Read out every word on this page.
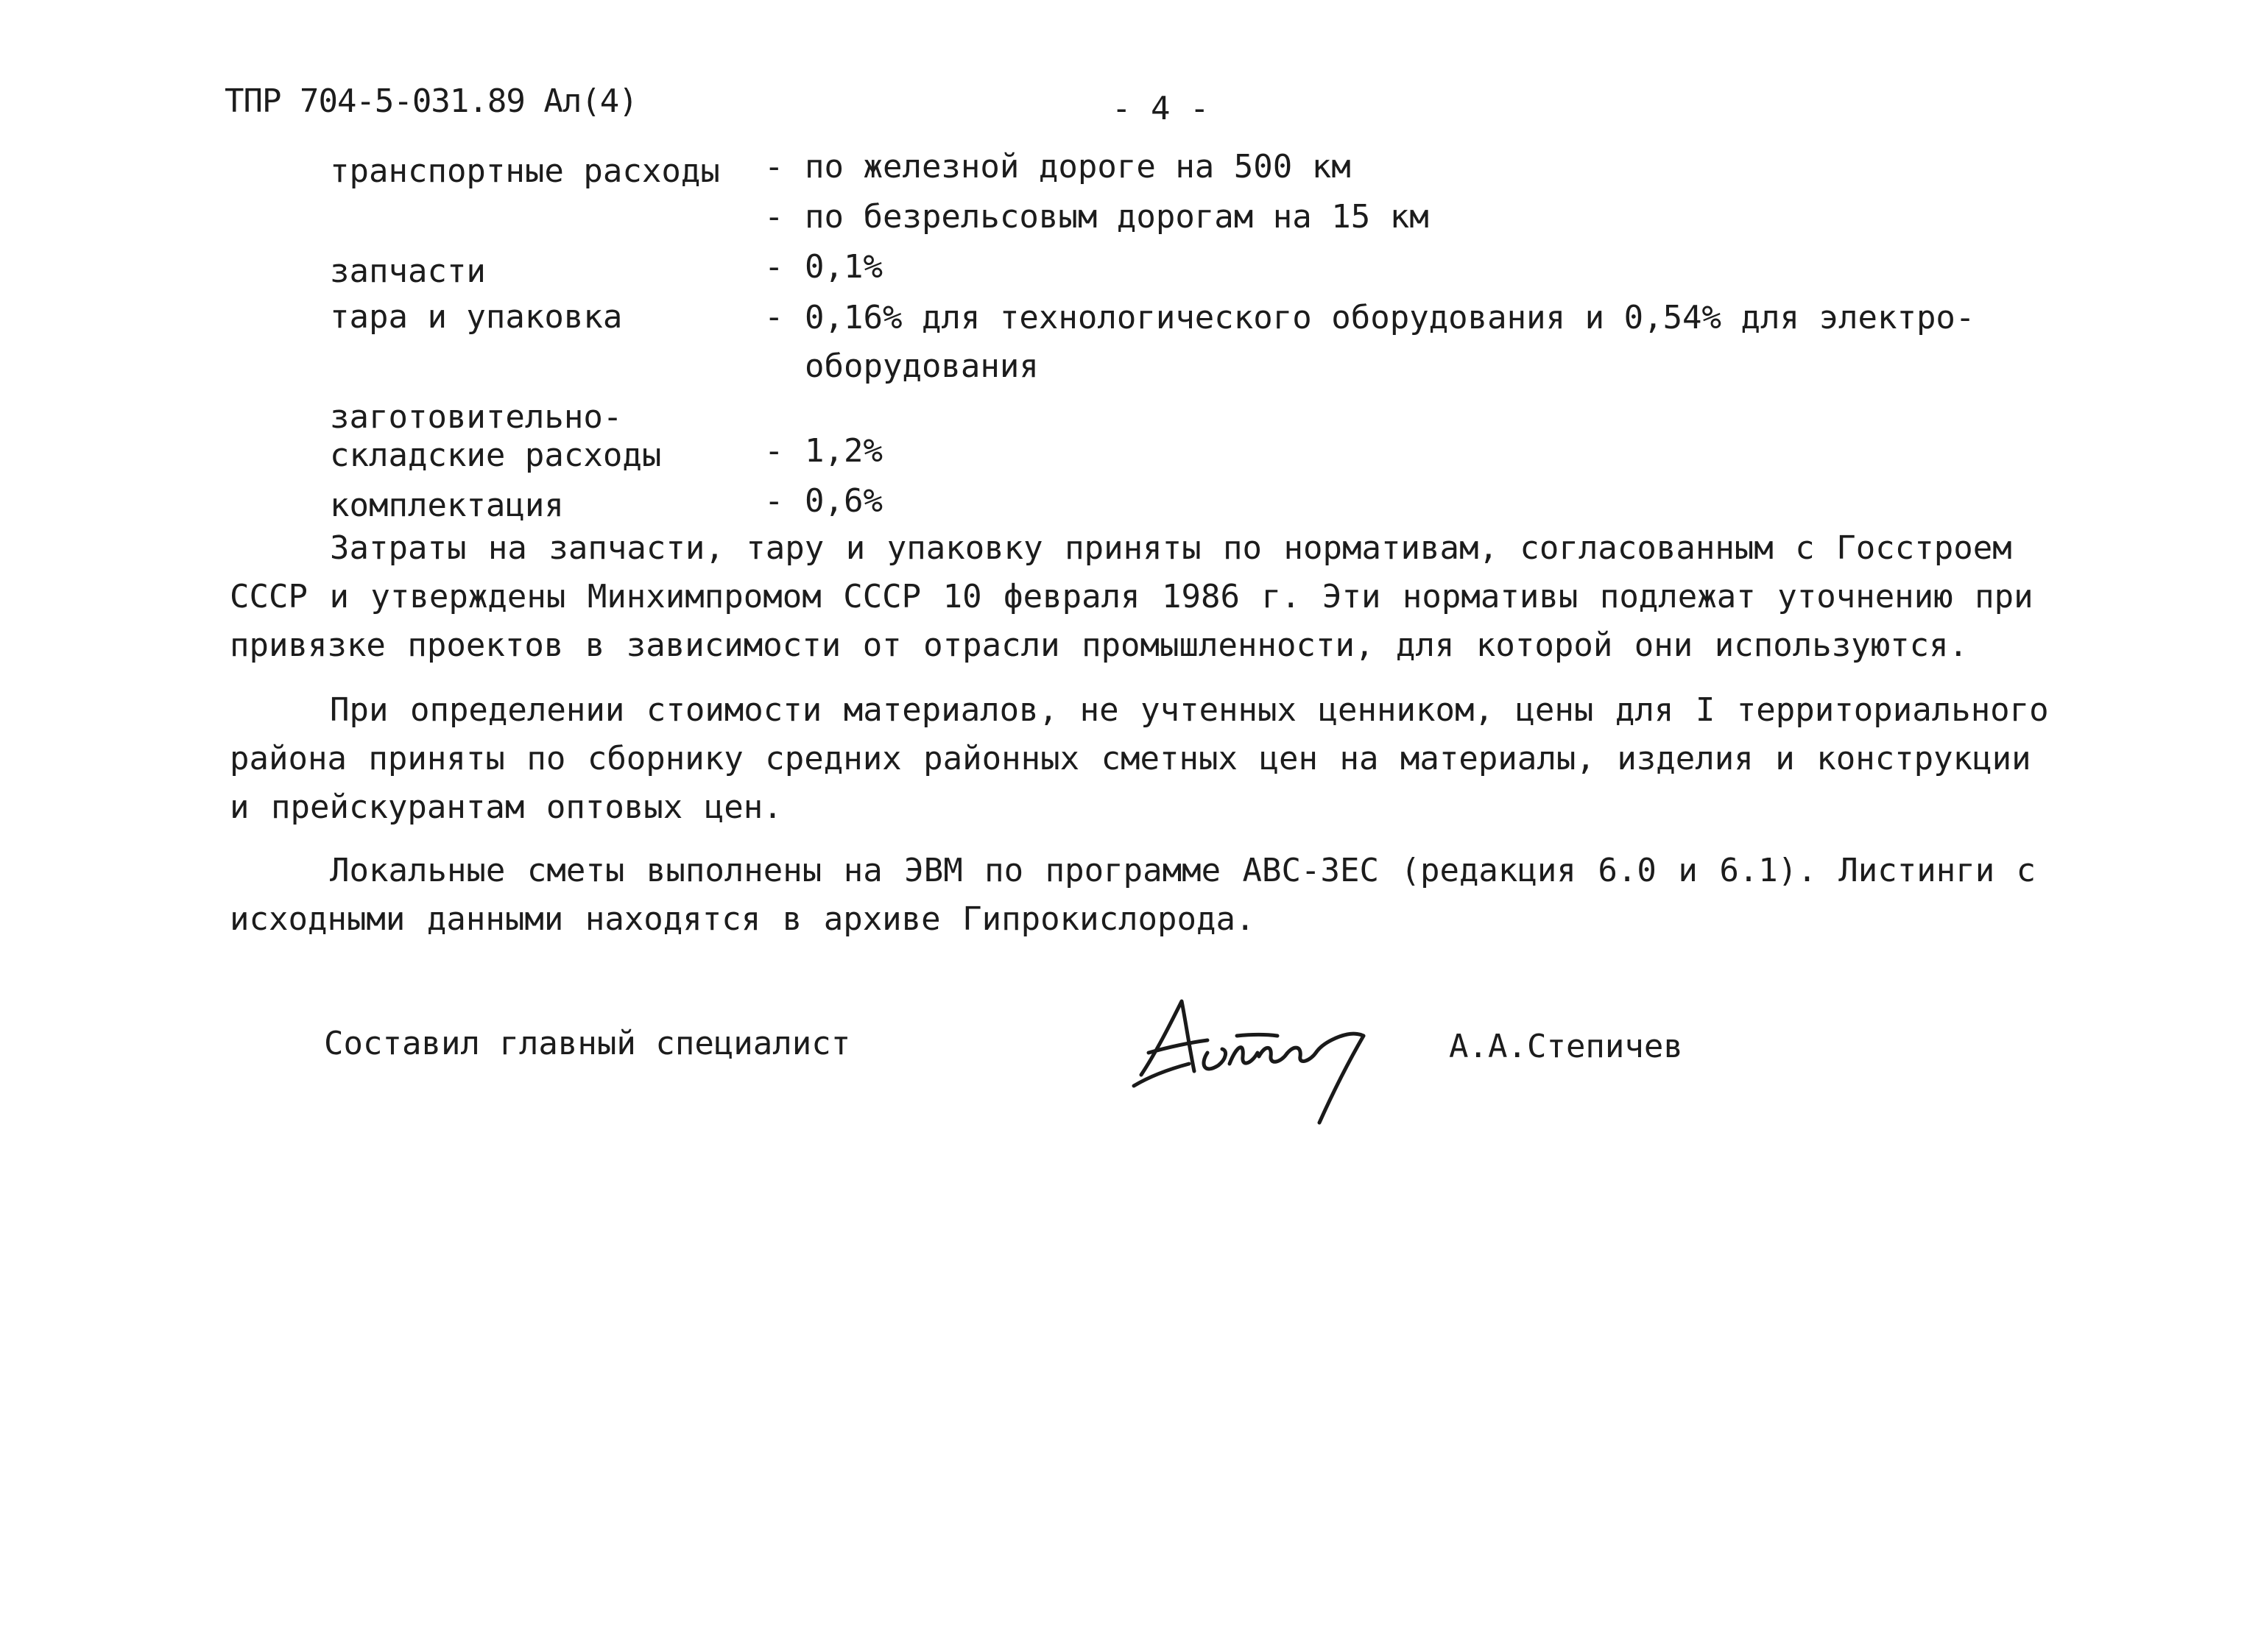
ТПР 704-5-031.89 Ал(4)	- 4 -
транспортные расходы	- по железной дороге на 500 км
- по безрельсовым дорогам на 15 км
запчасти	- 0,1%
тара и упаковка	- 0,16% для технологического оборудования и 0,54% для электро-оборудования
заготовительно-складские расходы	- 1,2%
комплектация	- 0,6%

Затраты на запчасти, тару и упаковку приняты по нормативам, согласованным с Госстроем СССР и утверждены Минхимпромом СССР 10 февраля 1986 г. Эти нормативы подлежат уточнению при привязке проектов в зависимости от отрасли промышленности, для которой они используются.

При определении стоимости материалов, не учтенных ценником, цены для I территориального района приняты по сборнику средних районных сметных цен на материалы, изделия и конструкции и прейскурантам оптовых цен.

Локальные сметы выполнены на ЭВМ по программе АВС-ЗЕС (редакция 6.0 и 6.1). Листинги с исходными данными находятся в архиве Гипрокислорода.

Составил главный специалист	А.А.Степичев
